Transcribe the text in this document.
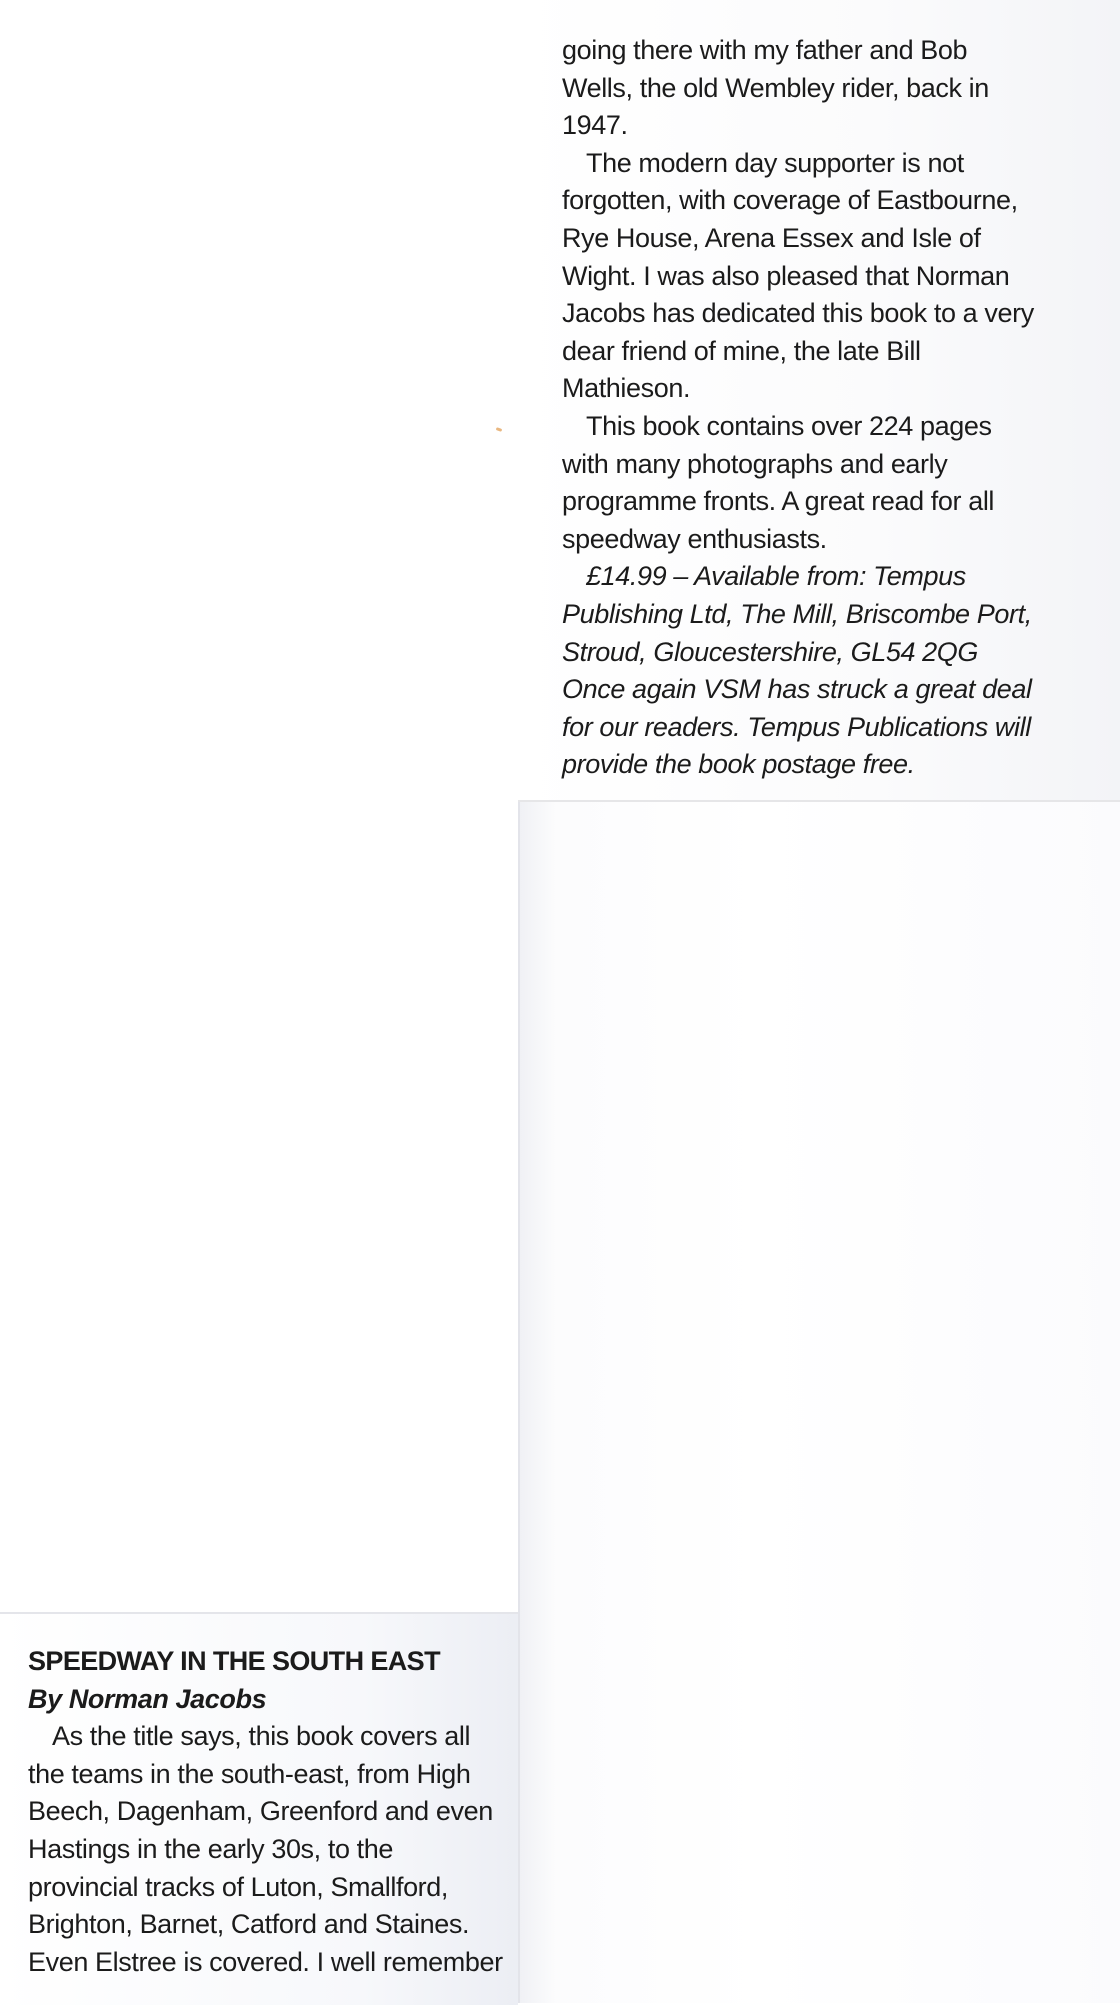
going there with my father and Bob
Wells, the old Wembley rider, back in
1947.

The modern day supporter is not
forgotten, with coverage of Eastbourne,
Rye House, Arena Essex and Isle of
Wight. I was also pleased that Norman
Jacobs has dedicated this book to a very
dear friend of mine, the late Bill
Mathieson.

This book contains over 224 pages
with many photographs and early
programme fronts. A great read for all
speedway enthusiasts.

£14.99 – Available from: Tempus
Publishing Ltd, The Mill, Briscombe Port,
Stroud, Gloucestershire, GL54 2QG
Once again VSM has struck a great deal
for our readers. Tempus Publications will
provide the book postage free.

SPEEDWAY IN THE SOUTH EAST

By Norman Jacobs

As the title says, this book covers all
the teams in the south-east, from High
Beech, Dagenham, Greenford and even
Hastings in the early 30s, to the
provincial tracks of Luton, Smallford,
Brighton, Barnet, Catford and Staines.
Even Elstree is covered. I well remember
